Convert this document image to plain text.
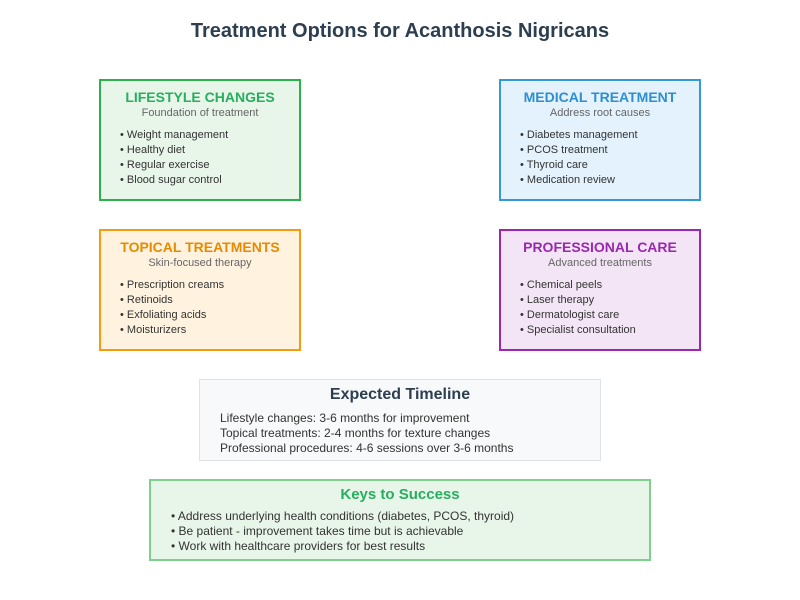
Treatment Options for Acanthosis Nigricans
LIFESTYLE CHANGES
Foundation of treatment
• Weight management
• Healthy diet
• Regular exercise
• Blood sugar control
MEDICAL TREATMENT
Address root causes
• Diabetes management
• PCOS treatment
• Thyroid care
• Medication review
TOPICAL TREATMENTS
Skin-focused therapy
• Prescription creams
• Retinoids
• Exfoliating acids
• Moisturizers
PROFESSIONAL CARE
Advanced treatments
• Chemical peels
• Laser therapy
• Dermatologist care
• Specialist consultation
Expected Timeline
Lifestyle changes: 3-6 months for improvement
Topical treatments: 2-4 months for texture changes
Professional procedures: 4-6 sessions over 3-6 months
Keys to Success
• Address underlying health conditions (diabetes, PCOS, thyroid)
• Be patient - improvement takes time but is achievable
• Work with healthcare providers for best results
